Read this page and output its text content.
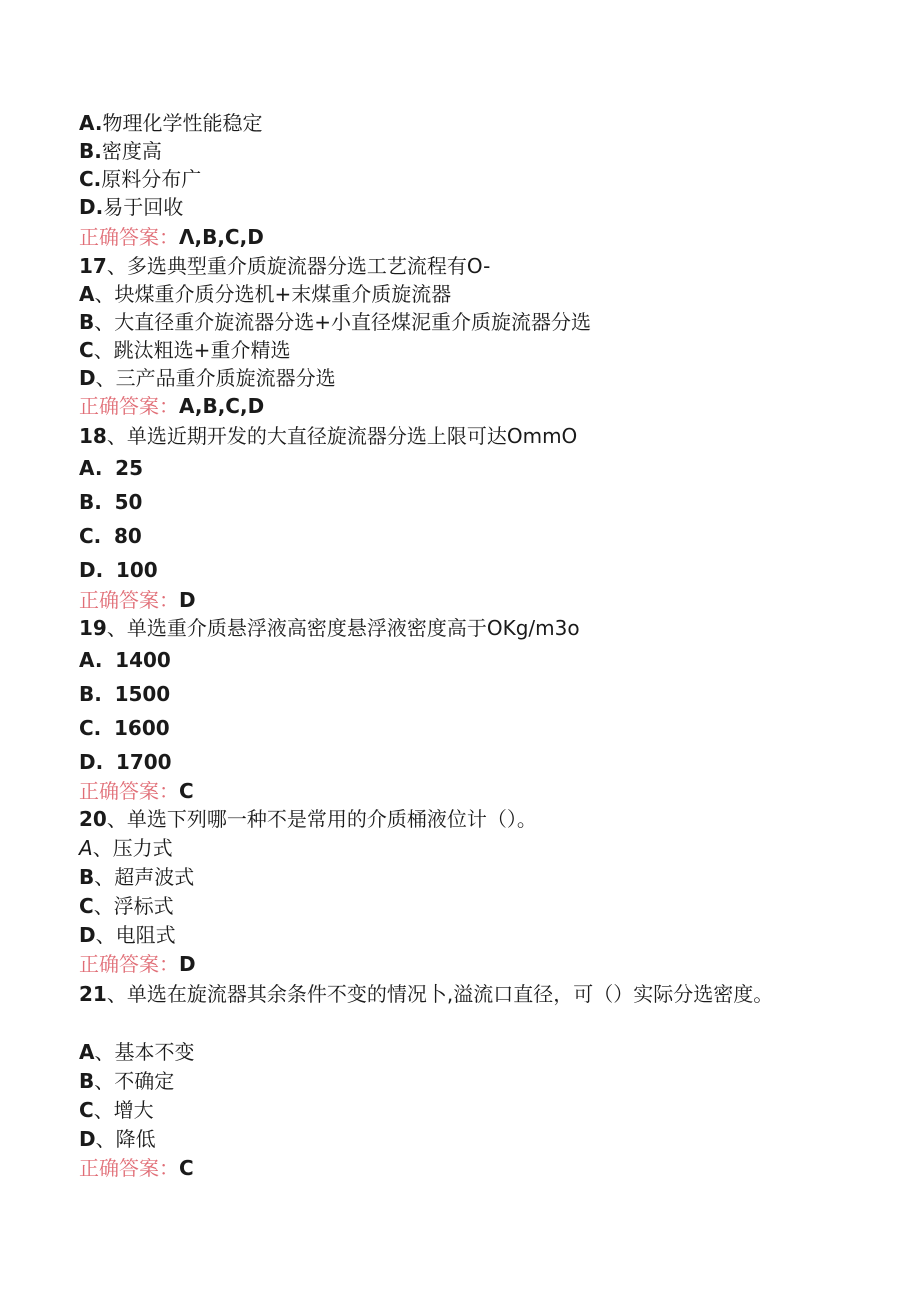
A.物理化学性能稳定
B.密度高
C.原料分布广
D.易于回收
正确答案：Λ,B,C,D
17、多选典型重介质旋流器分选工艺流程有O-
A、块煤重介质分选机+末煤重介质旋流器
B、大直径重介旋流器分选+小直径煤泥重介质旋流器分选
C、跳汰粗选+重介精选
D、三产品重介质旋流器分选
正确答案：A,B,C,D
18、单选近期开发的大直径旋流器分选上限可达OmmO
A. 25
B. 50
C. 80
D. 100
正确答案：D
19、单选重介质悬浮液高密度悬浮液密度高于OKg/m3o
A. 1400
B. 1500
C. 1600
D. 1700
正确答案：C
20、单选下列哪一种不是常用的介质桶液位计（）。
A、压力式
B、超声波式
C、浮标式
D、电阻式
正确答案：D
21、单选在旋流器其余条件不变的情况卜,溢流口直径，可（）实际分选密度。
A、基本不变
B、不确定
C、增大
D、降低
正确答案：C
